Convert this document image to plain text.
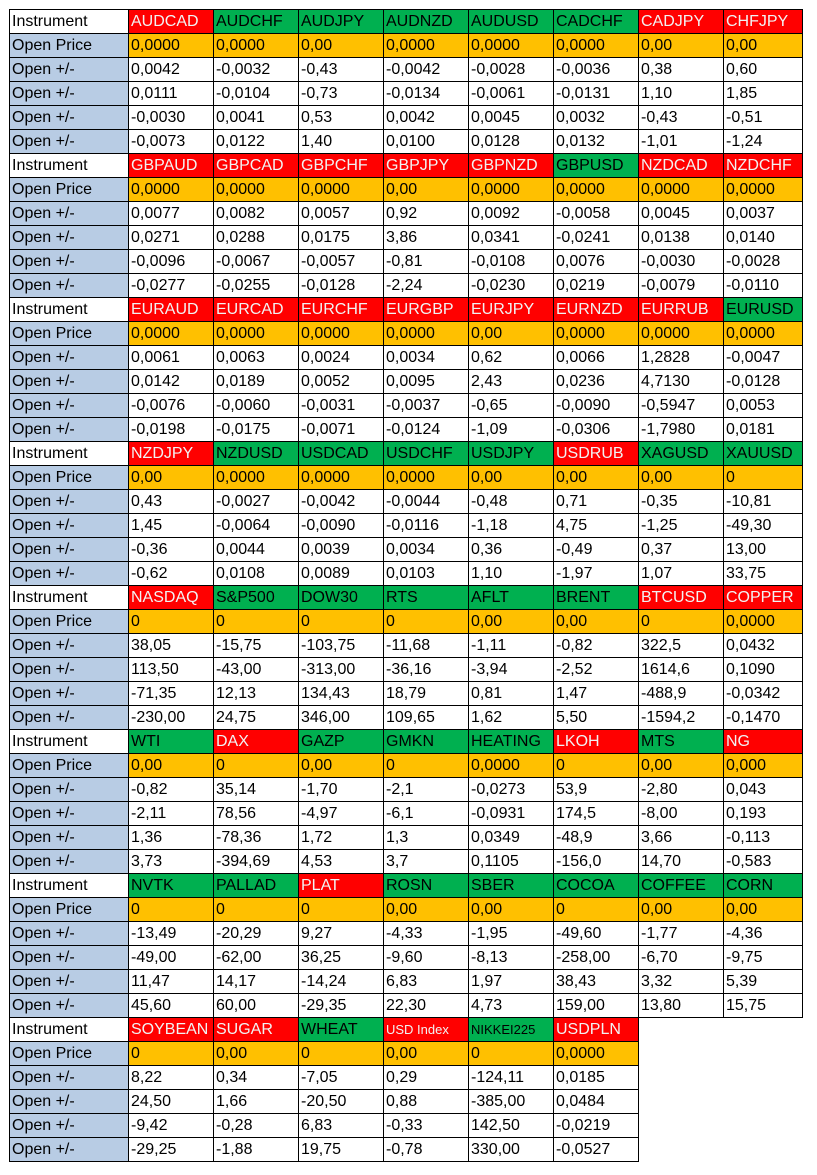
Instrument	AUDCAD	AUDCHF	AUDJPY	AUDNZD	AUDUSD	CADCHF	CADJPY	CHFJPY
Open Price	0,0000	0,0000	0,00	0,0000	0,0000	0,0000	0,00	0,00
Open +/-	0,0042	-0,0032	-0,43	-0,0042	-0,0028	-0,0036	0,38	0,60
Open +/-	0,0111	-0,0104	-0,73	-0,0134	-0,0061	-0,0131	1,10	1,85
Open +/-	-0,0030	0,0041	0,53	0,0042	0,0045	0,0032	-0,43	-0,51
Open +/-	-0,0073	0,0122	1,40	0,0100	0,0128	0,0132	-1,01	-1,24
Instrument	GBPAUD	GBPCAD	GBPCHF	GBPJPY	GBPNZD	GBPUSD	NZDCAD	NZDCHF
Open Price	0,0000	0,0000	0,0000	0,00	0,0000	0,0000	0,0000	0,0000
Open +/-	0,0077	0,0082	0,0057	0,92	0,0092	-0,0058	0,0045	0,0037
Open +/-	0,0271	0,0288	0,0175	3,86	0,0341	-0,0241	0,0138	0,0140
Open +/-	-0,0096	-0,0067	-0,0057	-0,81	-0,0108	0,0076	-0,0030	-0,0028
Open +/-	-0,0277	-0,0255	-0,0128	-2,24	-0,0230	0,0219	-0,0079	-0,0110
Instrument	EURAUD	EURCAD	EURCHF	EURGBP	EURJPY	EURNZD	EURRUB	EURUSD
Open Price	0,0000	0,0000	0,0000	0,0000	0,00	0,0000	0,0000	0,0000
Open +/-	0,0061	0,0063	0,0024	0,0034	0,62	0,0066	1,2828	-0,0047
Open +/-	0,0142	0,0189	0,0052	0,0095	2,43	0,0236	4,7130	-0,0128
Open +/-	-0,0076	-0,0060	-0,0031	-0,0037	-0,65	-0,0090	-0,5947	0,0053
Open +/-	-0,0198	-0,0175	-0,0071	-0,0124	-1,09	-0,0306	-1,7980	0,0181
Instrument	NZDJPY	NZDUSD	USDCAD	USDCHF	USDJPY	USDRUB	XAGUSD	XAUUSD
Open Price	0,00	0,0000	0,0000	0,0000	0,00	0,00	0,00	0
Open +/-	0,43	-0,0027	-0,0042	-0,0044	-0,48	0,71	-0,35	-10,81
Open +/-	1,45	-0,0064	-0,0090	-0,0116	-1,18	4,75	-1,25	-49,30
Open +/-	-0,36	0,0044	0,0039	0,0034	0,36	-0,49	0,37	13,00
Open +/-	-0,62	0,0108	0,0089	0,0103	1,10	-1,97	1,07	33,75
Instrument	NASDAQ	S&P500	DOW30	RTS	AFLT	BRENT	BTCUSD	COPPER
Open Price	0	0	0	0	0,00	0,00	0	0,0000
Open +/-	38,05	-15,75	-103,75	-11,68	-1,11	-0,82	322,5	0,0432
Open +/-	113,50	-43,00	-313,00	-36,16	-3,94	-2,52	1614,6	0,1090
Open +/-	-71,35	12,13	134,43	18,79	0,81	1,47	-488,9	-0,0342
Open +/-	-230,00	24,75	346,00	109,65	1,62	5,50	-1594,2	-0,1470
Instrument	WTI	DAX	GAZP	GMKN	HEATING	LKOH	MTS	NG
Open Price	0,00	0	0,00	0	0,0000	0	0,00	0,000
Open +/-	-0,82	35,14	-1,70	-2,1	-0,0273	53,9	-2,80	0,043
Open +/-	-2,11	78,56	-4,97	-6,1	-0,0931	174,5	-8,00	0,193
Open +/-	1,36	-78,36	1,72	1,3	0,0349	-48,9	3,66	-0,113
Open +/-	3,73	-394,69	4,53	3,7	0,1105	-156,0	14,70	-0,583
Instrument	NVTK	PALLAD	PLAT	ROSN	SBER	COCOA	COFFEE	CORN
Open Price	0	0	0	0,00	0,00	0	0,00	0,00
Open +/-	-13,49	-20,29	9,27	-4,33	-1,95	-49,60	-1,77	-4,36
Open +/-	-49,00	-62,00	36,25	-9,60	-8,13	-258,00	-6,70	-9,75
Open +/-	11,47	14,17	-14,24	6,83	1,97	38,43	3,32	5,39
Open +/-	45,60	60,00	-29,35	22,30	4,73	159,00	13,80	15,75
Instrument	SOYBEAN	SUGAR	WHEAT	USD Index	NIKKEI225	USDPLN		
Open Price	0	0,00	0	0,00	0	0,0000		
Open +/-	8,22	0,34	-7,05	0,29	-124,11	0,0185		
Open +/-	24,50	1,66	-20,50	0,88	-385,00	0,0484		
Open +/-	-9,42	-0,28	6,83	-0,33	142,50	-0,0219		
Open +/-	-29,25	-1,88	19,75	-0,78	330,00	-0,0527		
